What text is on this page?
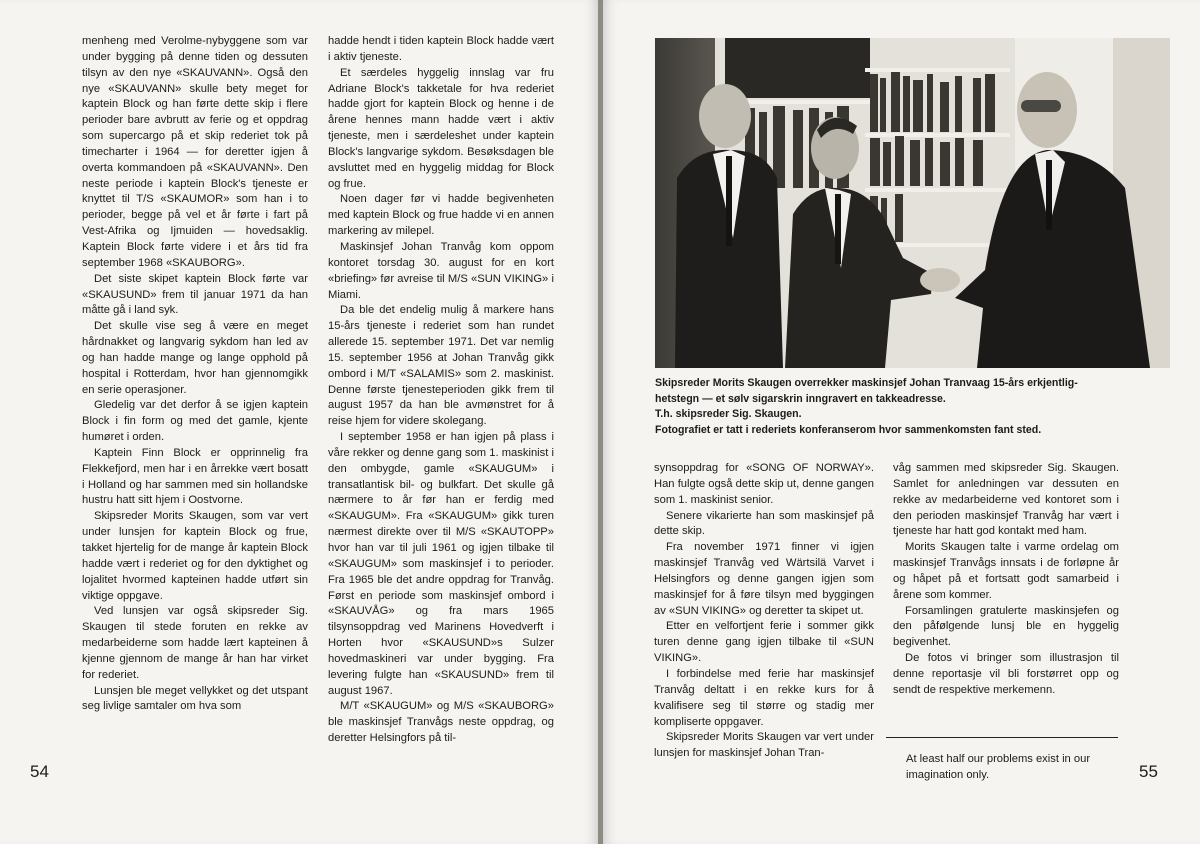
menheng med Verolme-nybyggene som var under bygging på denne tiden og dessuten tilsyn av den nye «SKAUVANN». Også den nye «SKAUVANN» skulle bety meget for kaptein Block og han førte dette skip i flere perioder bare avbrutt av ferie og et oppdrag som supercargo på et skip rederiet tok på timecharter i 1964 — for deretter igjen å overta kommandoen på «SKAUVANN». Den neste periode i kaptein Block's tjeneste er knyttet til T/S «SKAUMOR» som han i to perioder, begge på vel et år førte i fart på Vest-Afrika og Ijmuiden — hovedsaklig. Kaptein Block førte videre i et års tid fra september 1968 «SKAUBORG».

Det siste skipet kaptein Block førte var «SKAUSUND» frem til januar 1971 da han måtte gå i land syk.

Det skulle vise seg å være en meget hårdnakket og langvarig sykdom han led av og han hadde mange og lange opphold på hospital i Rotterdam, hvor han gjennomgikk en serie operasjoner.

Gledelig var det derfor å se igjen kaptein Block i fin form og med det gamle, kjente humøret i orden.

Kaptein Finn Block er opprinnelig fra Flekkefjord, men har i en årrekke vært bosatt i Holland og har sammen med sin hollandske hustru hatt sitt hjem i Oostvorne.

Skipsreder Morits Skaugen, som var vert under lunsjen for kaptein Block og frue, takket hjertelig for de mange år kaptein Block hadde vært i rederiet og for den dyktighet og lojalitet hvormed kapteinen hadde utført sin viktige oppgave.

Ved lunsjen var også skipsreder Sig. Skaugen til stede foruten en rekke av medarbeiderne som hadde lært kapteinen å kjenne gjennom de mange år han har virket for rederiet.

Lunsjen ble meget vellykket og det utspant seg livlige samtaler om hva som

hadde hendt i tiden kaptein Block hadde vært i aktiv tjeneste.

Et særdeles hyggelig innslag var fru Adriane Block's takketale for hva rederiet hadde gjort for kaptein Block og henne i de årene hennes mann hadde vært i aktiv tjeneste, men i særdeleshet under kaptein Block's langvarige sykdom. Besøksdagen ble avsluttet med en hyggelig middag for Block og frue.

Noen dager før vi hadde begivenheten med kaptein Block og frue hadde vi en annen markering av milepel.

Maskinsjef Johan Tranvåg kom oppom kontoret torsdag 30. august for en kort «briefing» før avreise til M/S «SUN VIKING» i Miami.

Da ble det endelig mulig å markere hans 15-års tjeneste i rederiet som han rundet allerede 15. september 1971. Det var nemlig 15. september 1956 at Johan Tranvåg gikk ombord i M/T «SALAMIS» som 2. maskinist. Denne første tjenesteperioden gikk frem til august 1957 da han ble avmønstret for å reise hjem for videre skolegang.

I september 1958 er han igjen på plass i våre rekker og denne gang som 1. maskinist i den ombygde, gamle «SKAUGUM» i transatlantisk bil- og bulkfart. Det skulle gå nærmere to år før han er ferdig med «SKAUGUM». Fra «SKAUGUM» gikk turen nærmest direkte over til M/S «SKAUTOPP» hvor han var til juli 1961 og igjen tilbake til «SKAUGUM» som maskinsjef i to perioder. Fra 1965 ble det andre oppdrag for Tranvåg. Først en periode som maskinsjef ombord i «SKAUVÅG» og fra mars 1965 tilsynsoppdrag ved Marinens Hovedverft i Horten hvor «SKAUSUND»s Sulzer hovedmaskineri var under bygging. Fra levering fulgte han «SKAUSUND» frem til august 1967.

M/T «SKAUGUM» og M/S «SKAUBORG» ble maskinsjef Tranvågs neste oppdrag, og deretter Helsingfors på til-

54
Skipsreder Morits Skaugen overrekker maskinsjef Johan Tranvaag 15-års erkjentlig-
hetstegn — et sølv sigarskrin inngravert en takkeadresse.
T.h. skipsreder Sig. Skaugen.
Fotografiet er tatt i rederiets konferanserom hvor sammenkomsten fant sted.

synsoppdrag for «SONG OF NORWAY». Han fulgte også dette skip ut, denne gangen som 1. maskinist senior.

Senere vikarierte han som maskinsjef på dette skip.

Fra november 1971 finner vi igjen maskinsjef Tranvåg ved Wärtsilä Varvet i Helsingfors og denne gangen igjen som maskinsjef for å føre tilsyn med byggingen av «SUN VIKING» og deretter ta skipet ut.

Etter en velfortjent ferie i sommer gikk turen denne gang igjen tilbake til «SUN VIKING».

I forbindelse med ferie har maskinsjef Tranvåg deltatt i en rekke kurs for å kvalifisere seg til større og stadig mer kompliserte oppgaver.

Skipsreder Morits Skaugen var vert under lunsjen for maskinsjef Johan Tran-

våg sammen med skipsreder Sig. Skaugen. Samlet for anledningen var dessuten en rekke av medarbeiderne ved kontoret som i den perioden maskinsjef Tranvåg har vært i tjeneste har hatt god kontakt med ham.

Morits Skaugen talte i varme ordelag om maskinsjef Tranvågs innsats i de forløpne år og håpet på et fortsatt godt samarbeid i årene som kommer.

Forsamlingen gratulerte maskinsjefen og den påfølgende lunsj ble en hyggelig begivenhet.

De fotos vi bringer som illustrasjon til denne reportasje vil bli forstørret opp og sendt de respektive merkemenn.

At least half our problems exist in our imagination only.	55
